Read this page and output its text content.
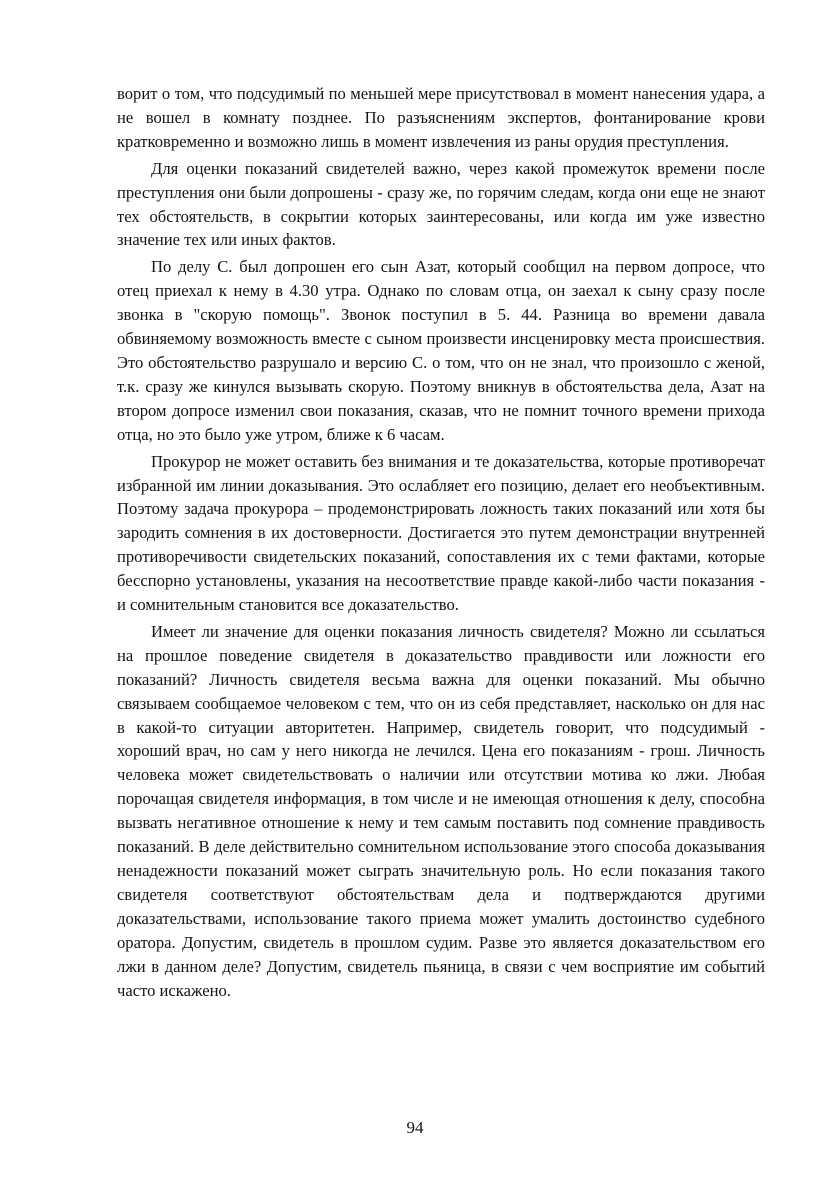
ворит о том, что подсудимый по меньшей мере присутствовал в момент нанесения удара, а не вошел в комнату позднее. По разъяснениям экспертов, фонтанирование крови кратковременно и возможно лишь в момент извлечения из раны орудия преступления.

Для оценки показаний свидетелей важно, через какой промежуток времени после преступления они были допрошены - сразу же, по горячим следам, когда они еще не знают тех обстоятельств, в сокрытии которых заинтересованы, или когда им уже известно значение тех или иных фактов.

По делу С. был допрошен его сын Азат, который сообщил на первом допросе, что отец приехал к нему в 4.30 утра. Однако по словам отца, он заехал к сыну сразу после звонка в "скорую помощь". Звонок поступил в 5. 44. Разница во времени давала обвиняемому возможность вместе с сыном произвести инсценировку места происшествия. Это обстоятельство разрушало и версию С. о том, что он не знал, что произошло с женой, т.к. сразу же кинулся вызывать скорую. Поэтому вникнув в обстоятельства дела, Азат на втором допросе изменил свои показания, сказав, что не помнит точного времени прихода отца, но это было уже утром, ближе к 6 часам.

Прокурор не может оставить без внимания и те доказательства, которые противоречат избранной им линии доказывания. Это ослабляет его позицию, делает его необъективным. Поэтому задача прокурора – продемонстрировать ложность таких показаний или хотя бы зародить сомнения в их достоверности. Достигается это путем демонстрации внутренней противоречивости свидетельских показаний, сопоставления их с теми фактами, которые бесспорно установлены, указания на несоответствие правде какой-либо части показания - и сомнительным становится все доказательство.

Имеет ли значение для оценки показания личность свидетеля? Можно ли ссылаться на прошлое поведение свидетеля в доказательство правдивости или ложности его показаний? Личность свидетеля весьма важна для оценки показаний. Мы обычно связываем сообщаемое человеком с тем, что он из себя представляет, насколько он для нас в какой-то ситуации авторитетен. Например, свидетель говорит, что подсудимый - хороший врач, но сам у него никогда не лечился. Цена его показаниям - грош. Личность человека может свидетельствовать о наличии или отсутствии мотива ко лжи. Любая порочащая свидетеля информация, в том числе и не имеющая отношения к делу, способна вызвать негативное отношение к нему и тем самым поставить под сомнение правдивость показаний. В деле действительно сомнительном использование этого способа доказывания ненадежности показаний может сыграть значительную роль. Но если показания такого свидетеля соответствуют обстоятельствам дела и подтверждаются другими доказательствами, использование такого приема может умалить достоинство судебного оратора. Допустим, свидетель в прошлом судим. Разве это является доказательством его лжи в данном деле? Допустим, свидетель пьяница, в связи с чем восприятие им событий часто искажено.

94
